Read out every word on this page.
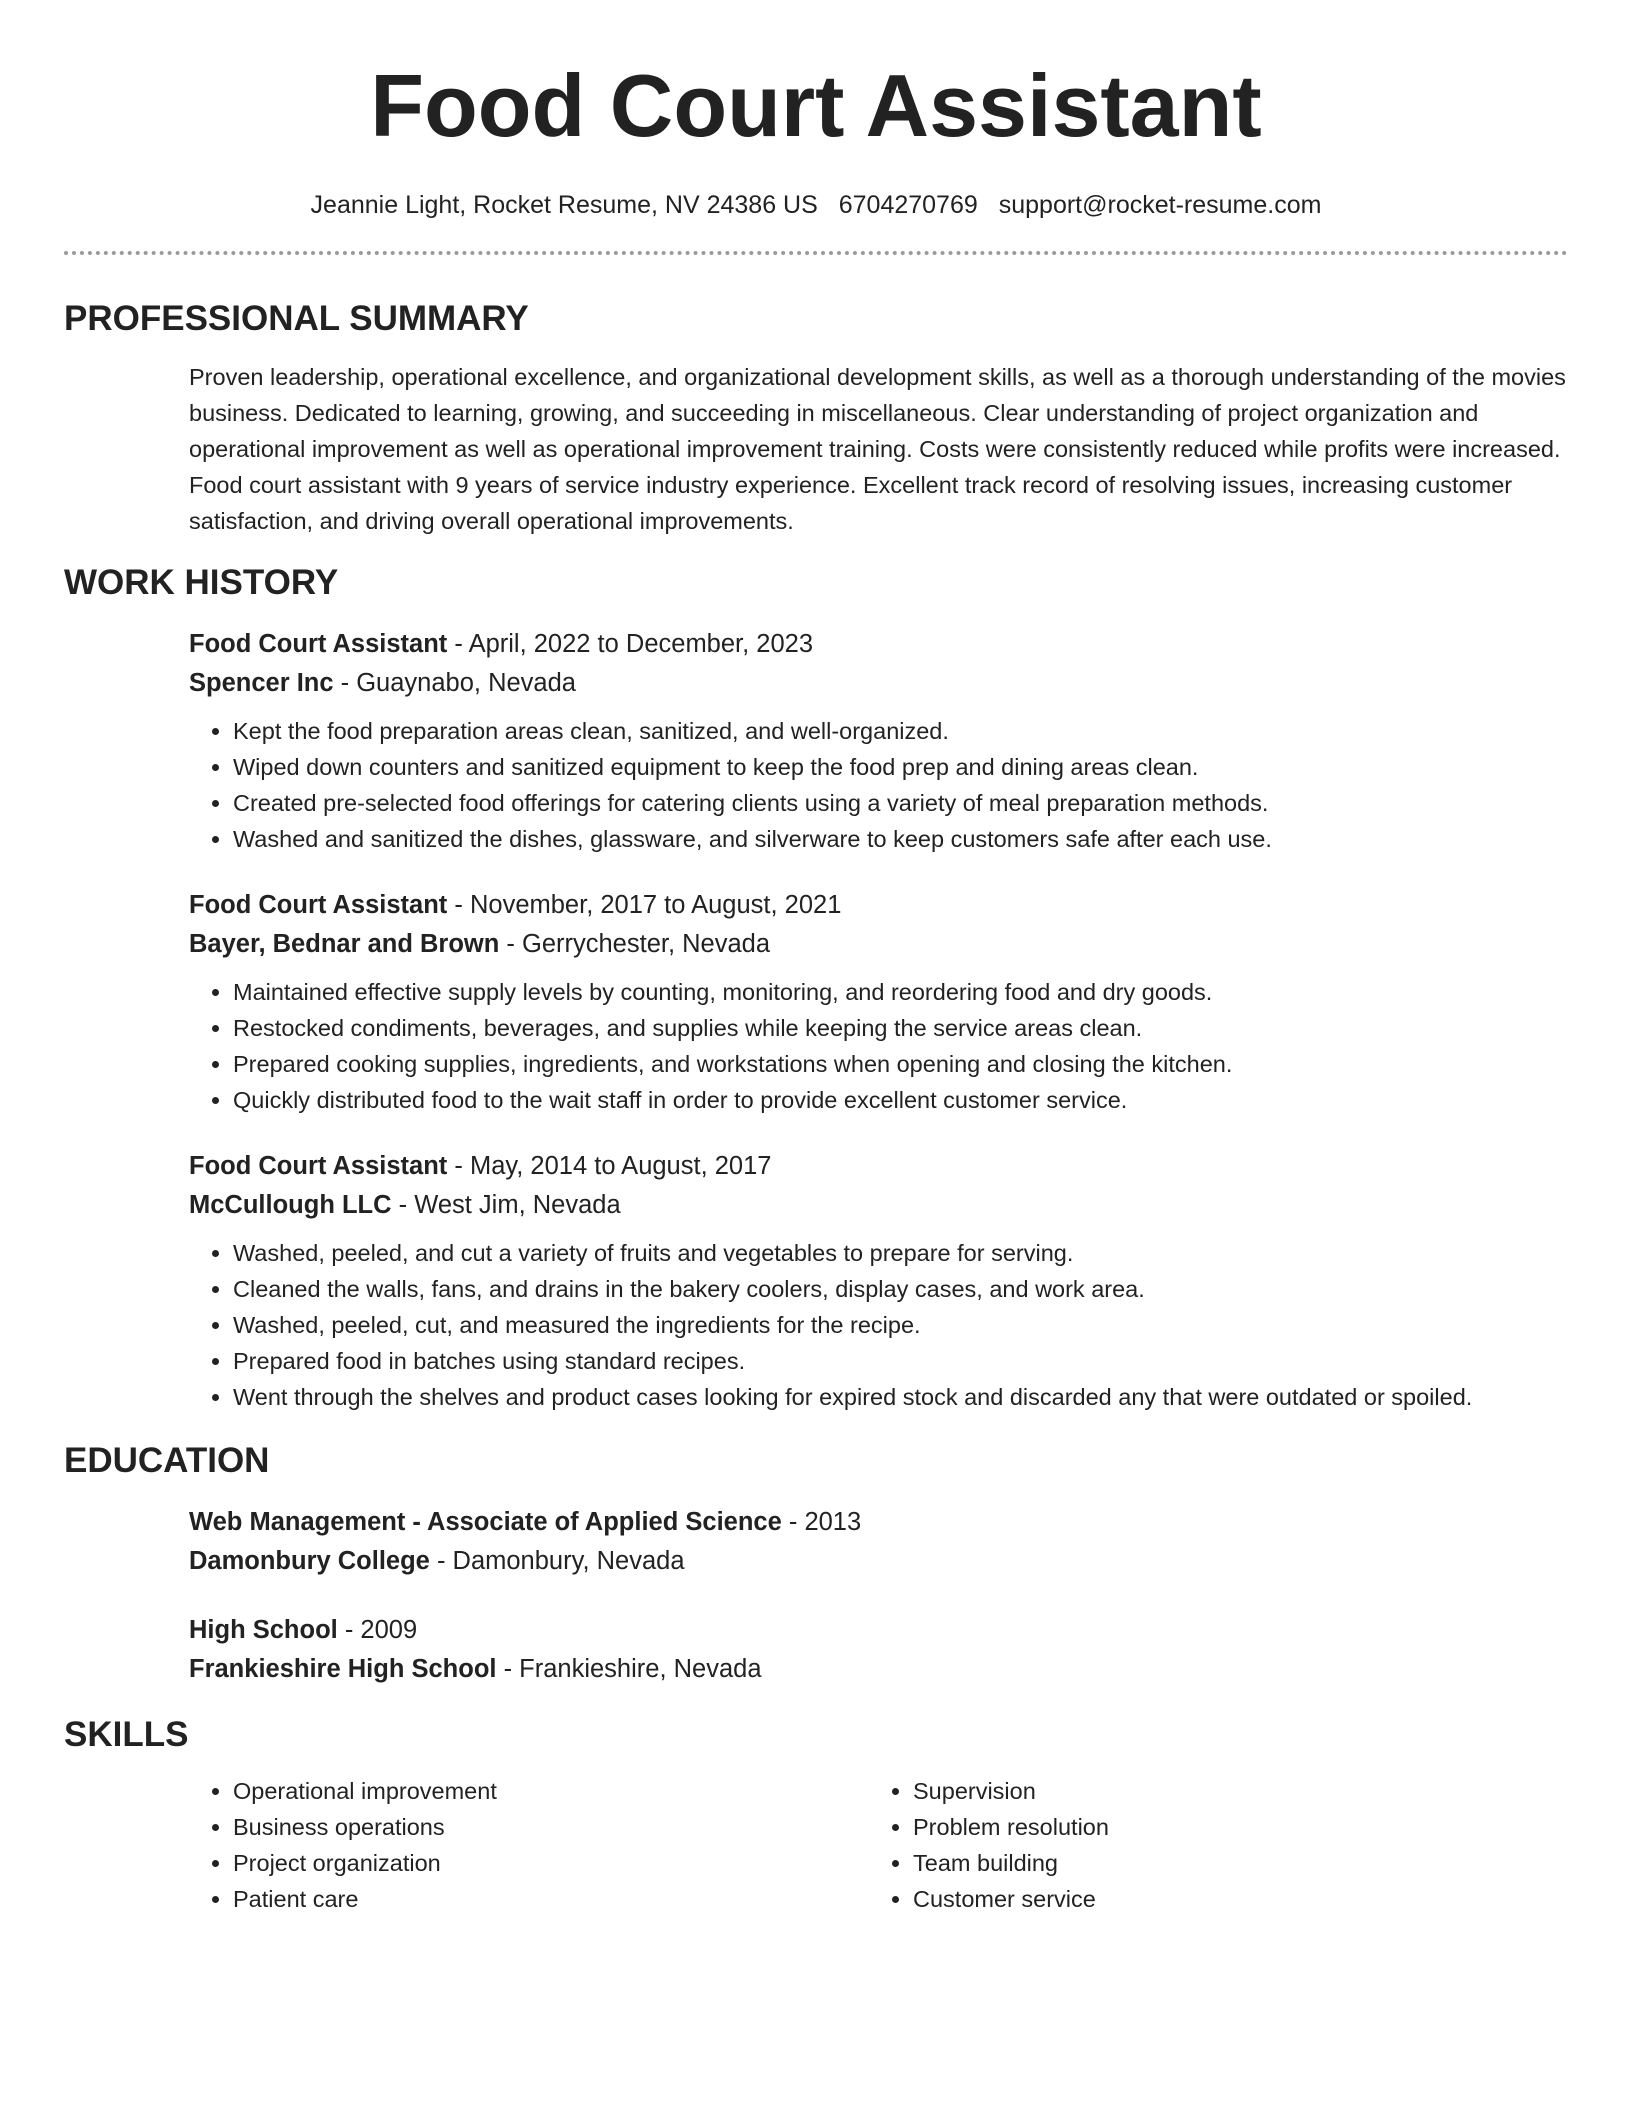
Food Court Assistant
Jeannie Light, Rocket Resume, NV 24386 US 6704270769 support@rocket-resume.com
PROFESSIONAL SUMMARY
Proven leadership, operational excellence, and organizational development skills, as well as a thorough understanding of the movies business. Dedicated to learning, growing, and succeeding in miscellaneous. Clear understanding of project organization and operational improvement as well as operational improvement training. Costs were consistently reduced while profits were increased. Food court assistant with 9 years of service industry experience. Excellent track record of resolving issues, increasing customer satisfaction, and driving overall operational improvements.
WORK HISTORY
Food Court Assistant - April, 2022 to December, 2023
Spencer Inc - Guaynabo, Nevada
• Kept the food preparation areas clean, sanitized, and well-organized.
• Wiped down counters and sanitized equipment to keep the food prep and dining areas clean.
• Created pre-selected food offerings for catering clients using a variety of meal preparation methods.
• Washed and sanitized the dishes, glassware, and silverware to keep customers safe after each use.
Food Court Assistant - November, 2017 to August, 2021
Bayer, Bednar and Brown - Gerrychester, Nevada
• Maintained effective supply levels by counting, monitoring, and reordering food and dry goods.
• Restocked condiments, beverages, and supplies while keeping the service areas clean.
• Prepared cooking supplies, ingredients, and workstations when opening and closing the kitchen.
• Quickly distributed food to the wait staff in order to provide excellent customer service.
Food Court Assistant - May, 2014 to August, 2017
McCullough LLC - West Jim, Nevada
• Washed, peeled, and cut a variety of fruits and vegetables to prepare for serving.
• Cleaned the walls, fans, and drains in the bakery coolers, display cases, and work area.
• Washed, peeled, cut, and measured the ingredients for the recipe.
• Prepared food in batches using standard recipes.
• Went through the shelves and product cases looking for expired stock and discarded any that were outdated or spoiled.
EDUCATION
Web Management - Associate of Applied Science - 2013
Damonbury College - Damonbury, Nevada
High School - 2009
Frankieshire High School - Frankieshire, Nevada
SKILLS
• Operational improvement
• Business operations
• Project organization
• Patient care
• Supervision
• Problem resolution
• Team building
• Customer service
